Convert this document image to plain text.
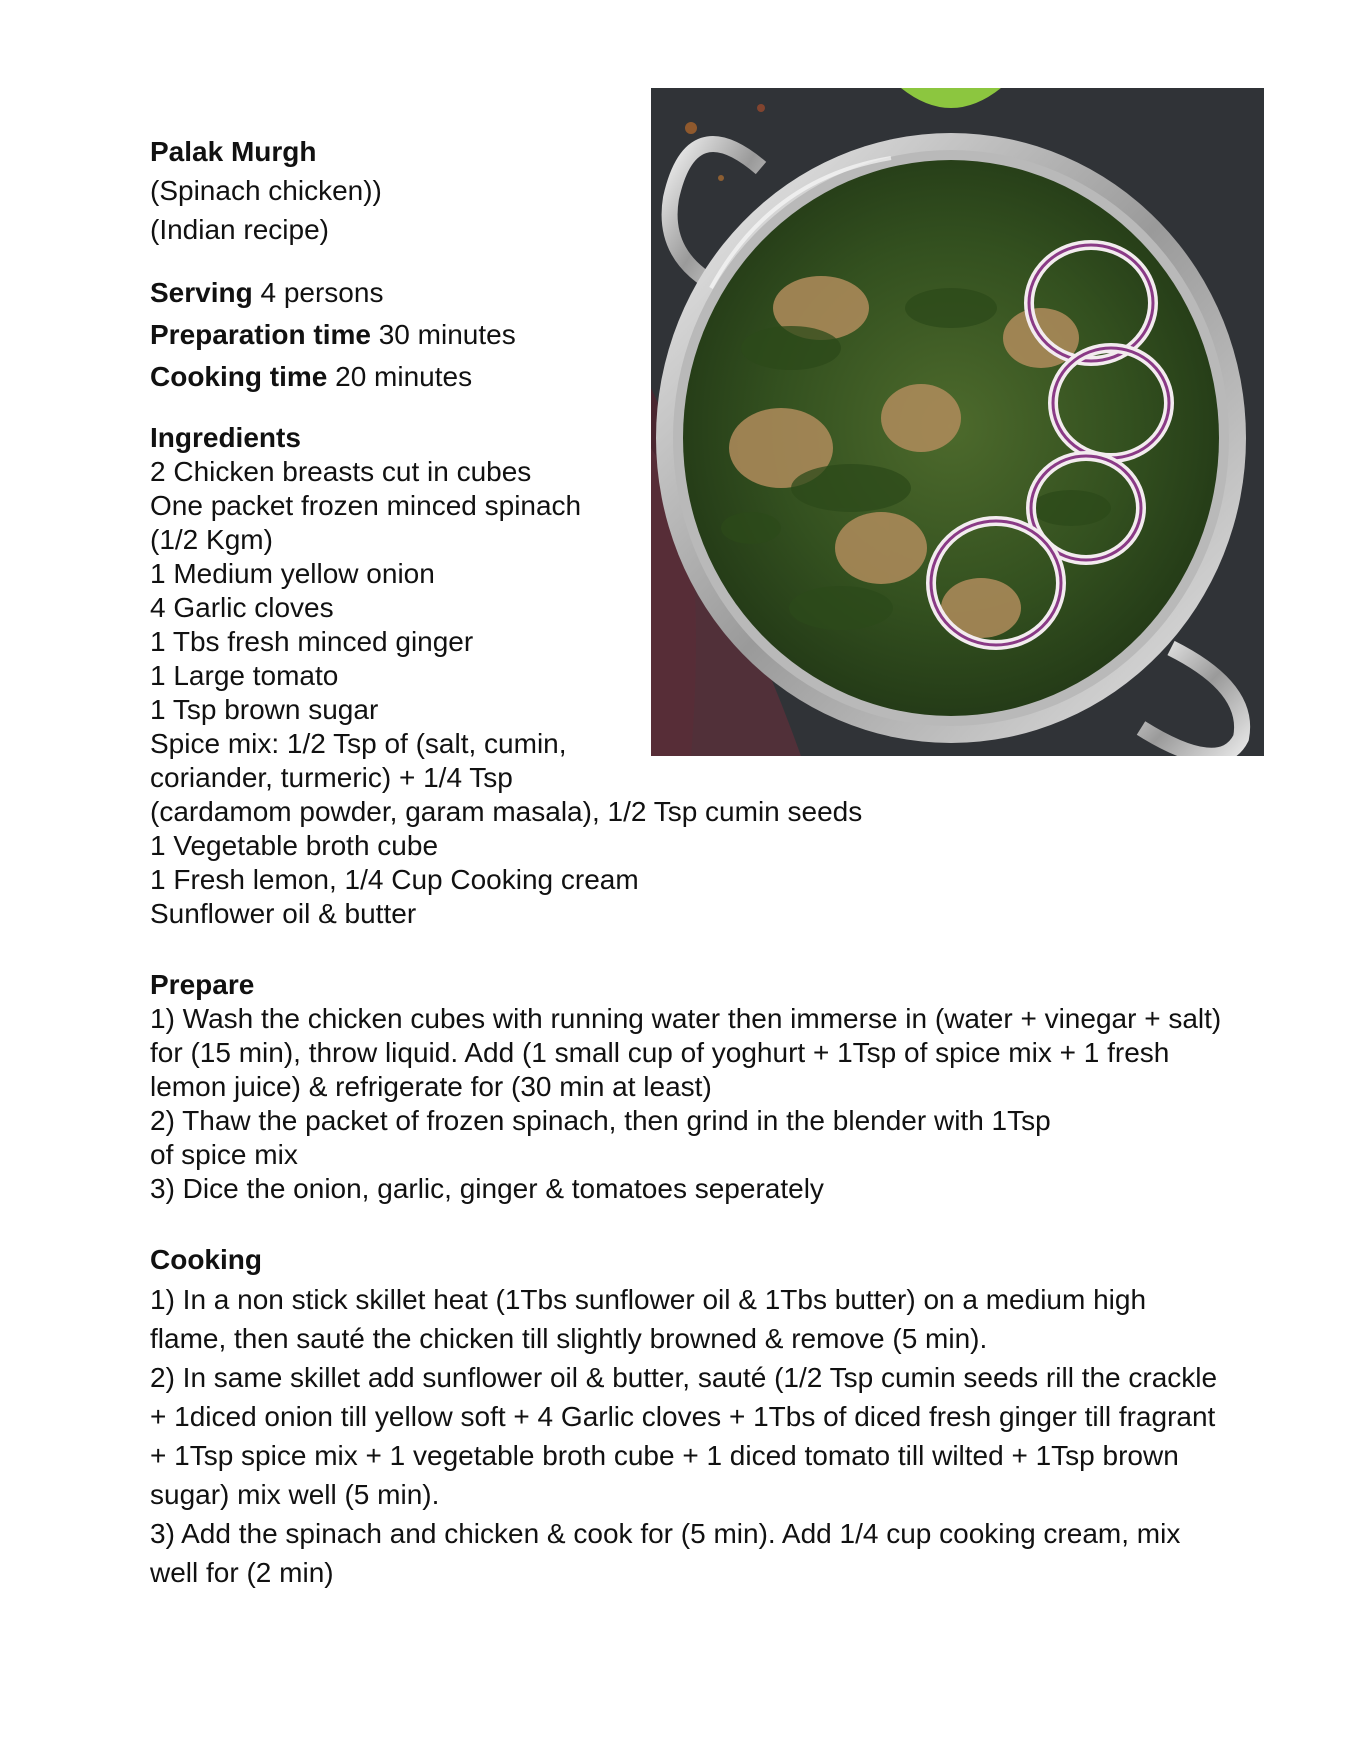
Palak Murgh
(Spinach chicken))
(Indian recipe)
Serving 4 persons
Preparation time 30 minutes
Cooking time 20 minutes
Ingredients
2 Chicken breasts cut in cubes
One packet frozen minced spinach
(1/2 Kgm)
1 Medium yellow onion
4 Garlic cloves
1 Tbs fresh minced ginger
1 Large tomato
1 Tsp brown sugar
Spice mix: 1/2 Tsp of (salt, cumin,
coriander, turmeric) + 1/4 Tsp
(cardamom powder, garam masala), 1/2 Tsp cumin seeds
1 Vegetable broth cube
1 Fresh lemon, 1/4 Cup Cooking cream
Sunflower oil & butter
Prepare
1) Wash the chicken cubes with running water then immerse in (water + vinegar + salt) for (15 min), throw liquid. Add (1 small cup of yoghurt + 1Tsp of spice mix + 1 fresh lemon juice) & refrigerate for (30 min at least)
2) Thaw the packet of frozen spinach, then grind in the blender with 1Tsp
of spice mix
3) Dice the onion, garlic, ginger & tomatoes seperately
Cooking
1) In a non stick skillet heat (1Tbs sunflower oil & 1Tbs butter) on a medium high flame, then sauté the chicken till slightly browned & remove (5 min).
2) In same skillet add sunflower oil & butter, sauté (1/2 Tsp cumin seeds rill the crackle + 1diced onion till yellow soft + 4 Garlic cloves + 1Tbs of diced fresh ginger till fragrant + 1Tsp spice mix + 1 vegetable broth cube + 1 diced tomato till wilted + 1Tsp brown sugar) mix well (5 min).
3) Add the spinach and chicken & cook for (5 min). Add 1/4 cup cooking cream, mix well for (2 min)
